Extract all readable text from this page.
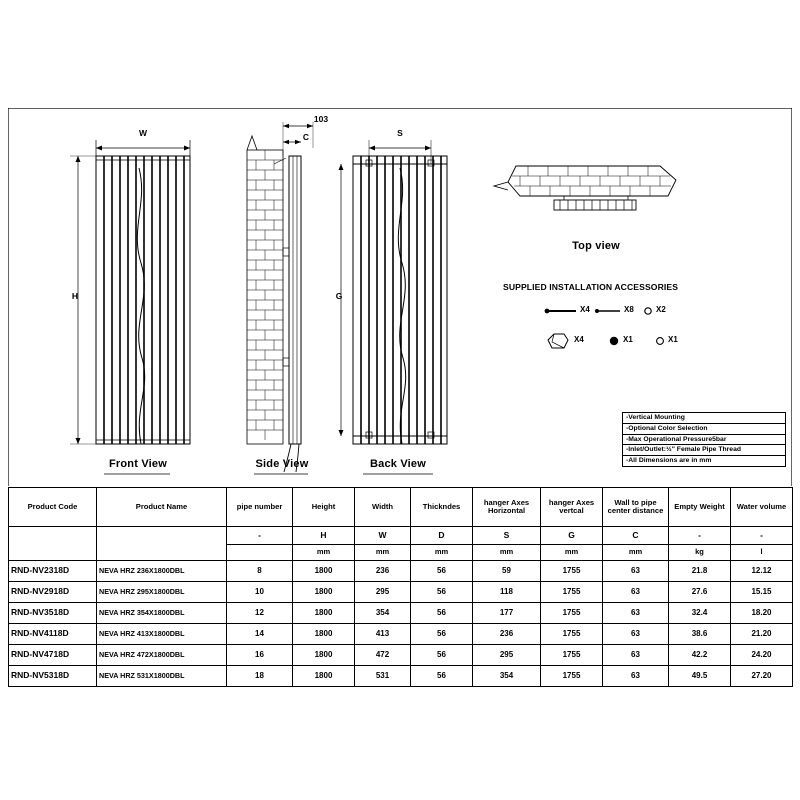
W
H
103
C	S
G
Front View	Side View	Back View
Top view
SUPPLIED INSTALLATION ACCESSORIES
X4	X8	X2
X4	X1	X1
-Vertical Mounting
-Optional Color Selection
-Max Operational Pressure5bar
-Inlet/Outlet:½" Female Pipe Thread
-All Dimensions are in mm
Product Code	Product Name	pipe number	Height	Width	Thickndes	hanger Axes Horizontal	hanger Axes vertcal	Wall to pipe center distance	Empty Weight	Water volume
		-	H	W	D	S	G	C	-	-
			mm	mm	mm	mm	mm	mm	kg	l
RND-NV2318D	NEVA HRZ 236X1800DBL	8	1800	236	56	59	1755	63	21.8	12.12
RND-NV2918D	NEVA HRZ 295X1800DBL	10	1800	295	56	118	1755	63	27.6	15.15
RND-NV3518D	NEVA HRZ 354X1800DBL	12	1800	354	56	177	1755	63	32.4	18.20
RND-NV4118D	NEVA HRZ 413X1800DBL	14	1800	413	56	236	1755	63	38.6	21.20
RND-NV4718D	NEVA HRZ 472X1800DBL	16	1800	472	56	295	1755	63	42.2	24.20
RND-NV5318D	NEVA HRZ 531X1800DBL	18	1800	531	56	354	1755	63	49.5	27.20
